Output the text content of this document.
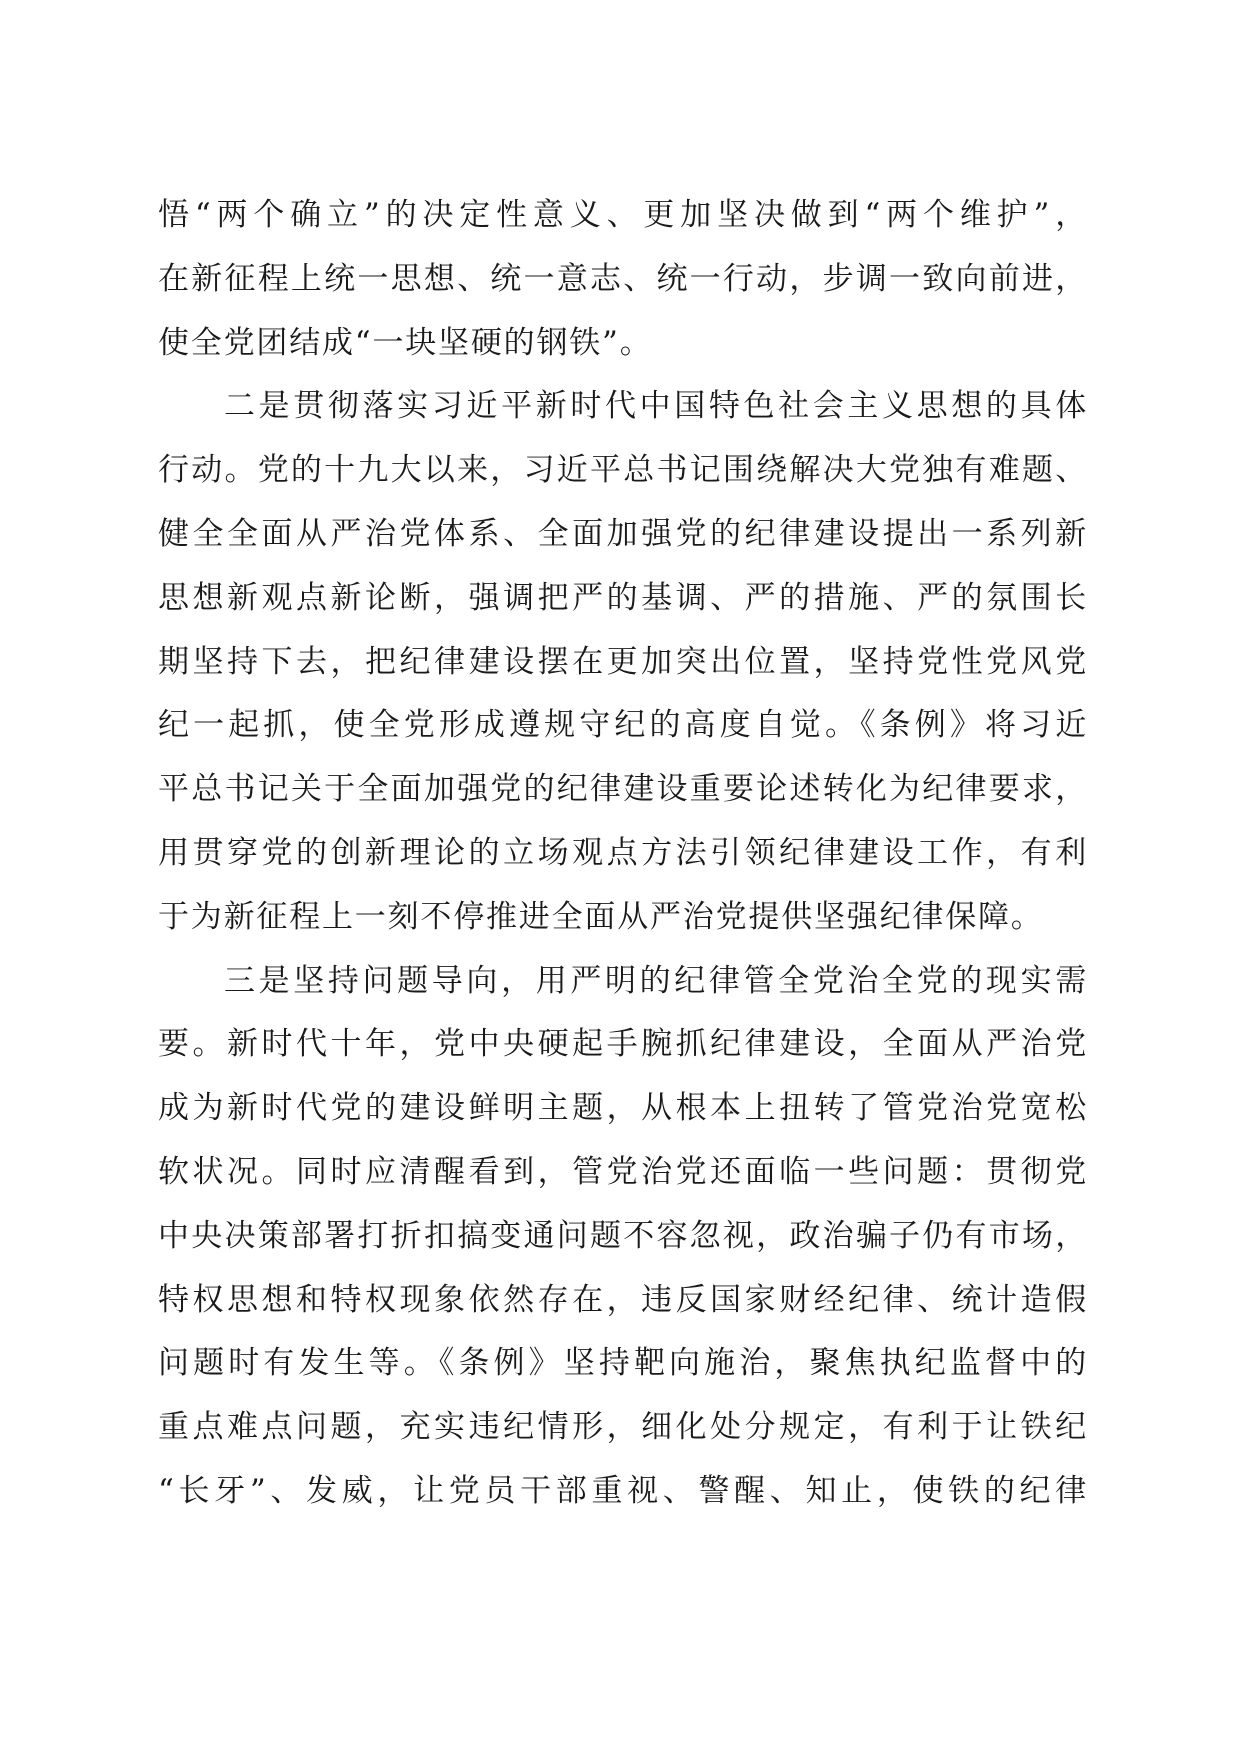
悟“两个确立”的决定性意义、更加坚决做到“两个维护”，
在新征程上统一思想、统一意志、统一行动，步调一致向前进，
使全党团结成“一块坚硬的钢铁”。
二是贯彻落实习近平新时代中国特色社会主义思想的具体
行动。党的十九大以来，习近平总书记围绕解决大党独有难题、
健全全面从严治党体系、全面加强党的纪律建设提出一系列新
思想新观点新论断，强调把严的基调、严的措施、严的氛围长
期坚持下去，把纪律建设摆在更加突出位置，坚持党性党风党
纪一起抓，使全党形成遵规守纪的高度自觉。《条例》将习近
平总书记关于全面加强党的纪律建设重要论述转化为纪律要求，
用贯穿党的创新理论的立场观点方法引领纪律建设工作，有利
于为新征程上一刻不停推进全面从严治党提供坚强纪律保障。
三是坚持问题导向，用严明的纪律管全党治全党的现实需
要。新时代十年，党中央硬起手腕抓纪律建设，全面从严治党
成为新时代党的建设鲜明主题，从根本上扭转了管党治党宽松
软状况。同时应清醒看到，管党治党还面临一些问题：贯彻党
中央决策部署打折扣搞变通问题不容忽视，政治骗子仍有市场，
特权思想和特权现象依然存在，违反国家财经纪律、统计造假
问题时有发生等。《条例》坚持靶向施治，聚焦执纪监督中的
重点难点问题，充实违纪情形，细化处分规定，有利于让铁纪
“长牙”、发威，让党员干部重视、警醒、知止，使铁的纪律
